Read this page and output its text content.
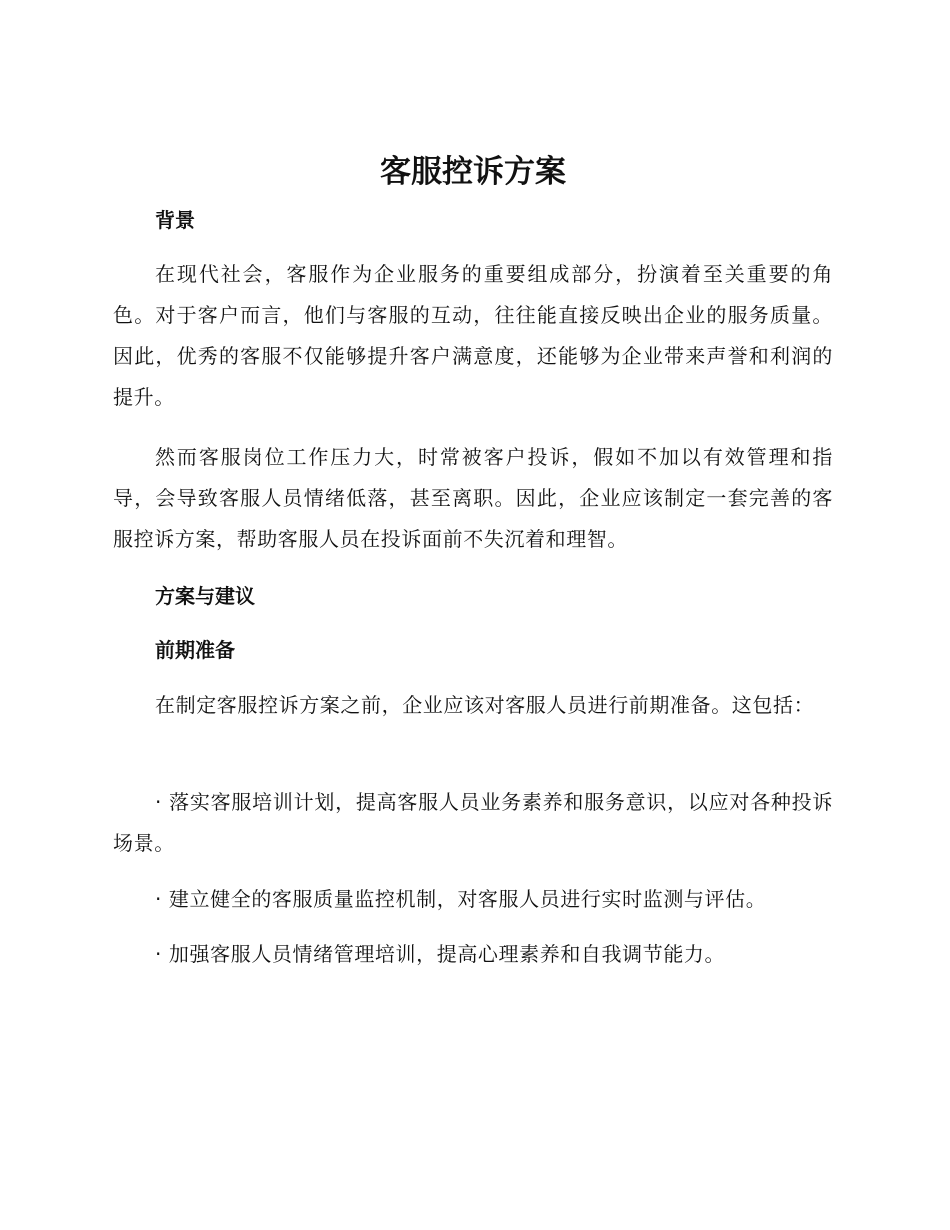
客服控诉方案
背景

在现代社会，客服作为企业服务的重要组成部分，扮演着至关重要的角色。对于客户而言，他们与客服的互动，往往能直接反映出企业的服务质量。因此，优秀的客服不仅能够提升客户满意度，还能够为企业带来声誉和利润的提升。

然而客服岗位工作压力大，时常被客户投诉，假如不加以有效管理和指导，会导致客服人员情绪低落，甚至离职。因此，企业应该制定一套完善的客服控诉方案，帮助客服人员在投诉面前不失沉着和理智。

方案与建议
前期准备

在制定客服控诉方案之前，企业应该对客服人员进行前期准备。这包括：

· 落实客服培训计划，提高客服人员业务素养和服务意识，以应对各种投诉场景。

· 建立健全的客服质量监控机制，对客服人员进行实时监测与评估。

· 加强客服人员情绪管理培训，提高心理素养和自我调节能力。
